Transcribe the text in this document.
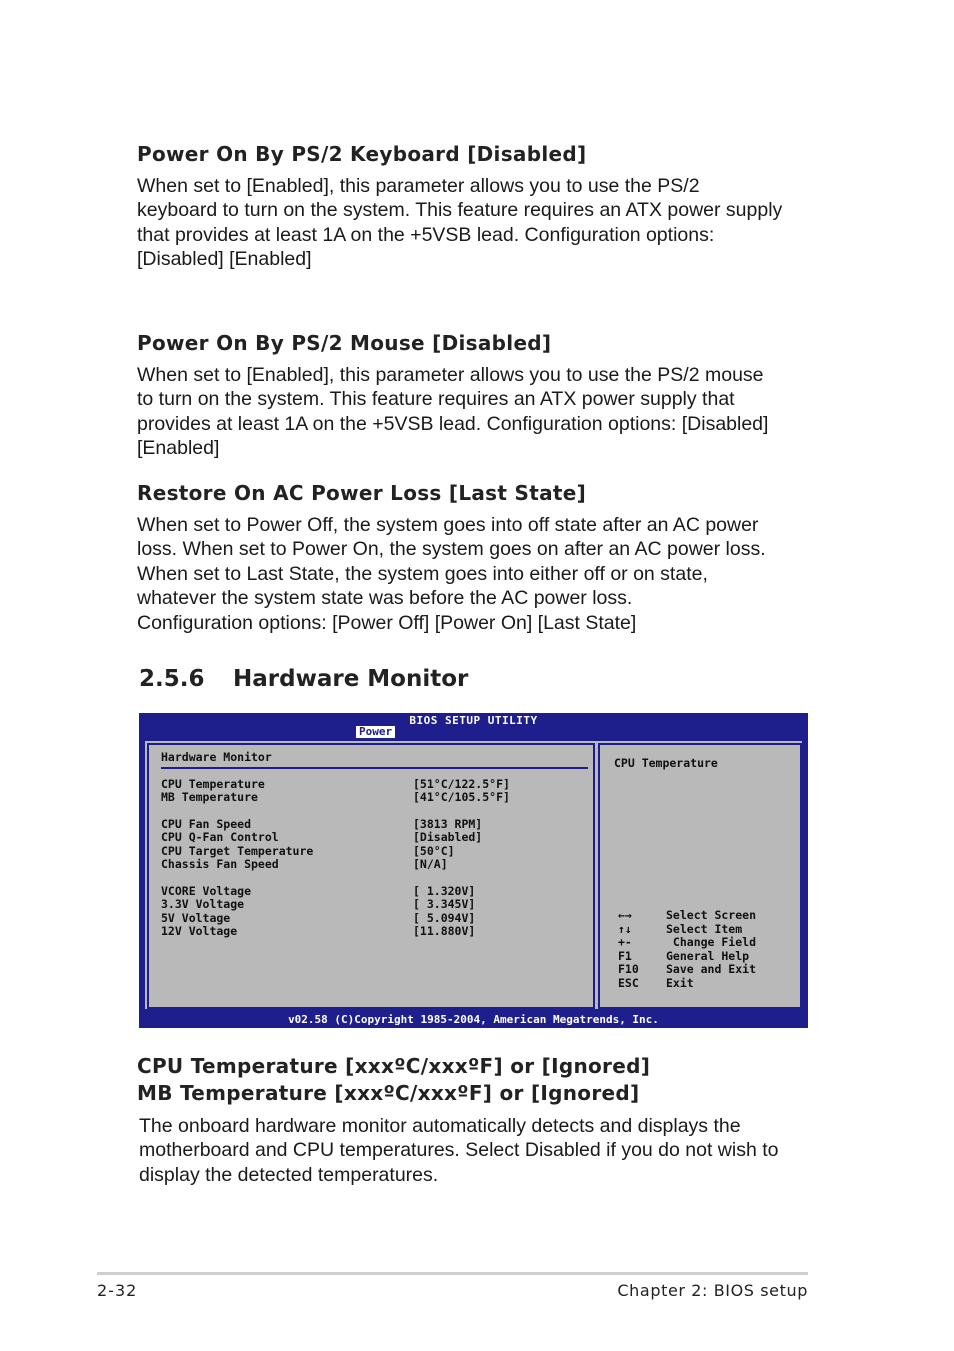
Power On By PS/2 Keyboard [Disabled]
When set to [Enabled], this parameter allows you to use the PS/2
keyboard to turn on the system. This feature requires an ATX power supply
that provides at least 1A on the +5VSB lead. Configuration options:
[Disabled] [Enabled]
Power On By PS/2 Mouse [Disabled]
When set to [Enabled], this parameter allows you to use the PS/2 mouse
to turn on the system. This feature requires an ATX power supply that
provides at least 1A on the +5VSB lead. Configuration options: [Disabled]
[Enabled]
Restore On AC Power Loss [Last State]
When set to Power Off, the system goes into off state after an AC power
loss. When set to Power On, the system goes on after an AC power loss.
When set to Last State, the system goes into either off or on state,
whatever the system state was before the AC power loss.
Configuration options: [Power Off] [Power On] [Last State]
2.5.6 Hardware Monitor
BIOS SETUP UTILITY
Power
Hardware Monitor
CPU Temperature	[51°C/122.5°F]
MB Temperature	[41°C/105.5°F]
CPU Fan Speed	[3813 RPM]
CPU Q-Fan Control	[Disabled]
CPU Target Temperature	[50°C]
Chassis Fan Speed	[N/A]
VCORE Voltage	[ 1.320V]
3.3V Voltage	[ 3.345V]
5V Voltage	[ 5.094V]
12V Voltage	[11.880V]
CPU Temperature
←→	Select Screen
↑↓	Select Item
+-	Change Field
F1	General Help
F10 Save and Exit
ESC Exit
v02.58 (C)Copyright 1985-2004, American Megatrends, Inc.
CPU Temperature [xxxºC/xxxºF] or [Ignored]
MB Temperature [xxxºC/xxxºF] or [Ignored]
The onboard hardware monitor automatically detects and displays the
motherboard and CPU temperatures. Select Disabled if you do not wish to
display the detected temperatures.
2-32	Chapter 2: BIOS setup
